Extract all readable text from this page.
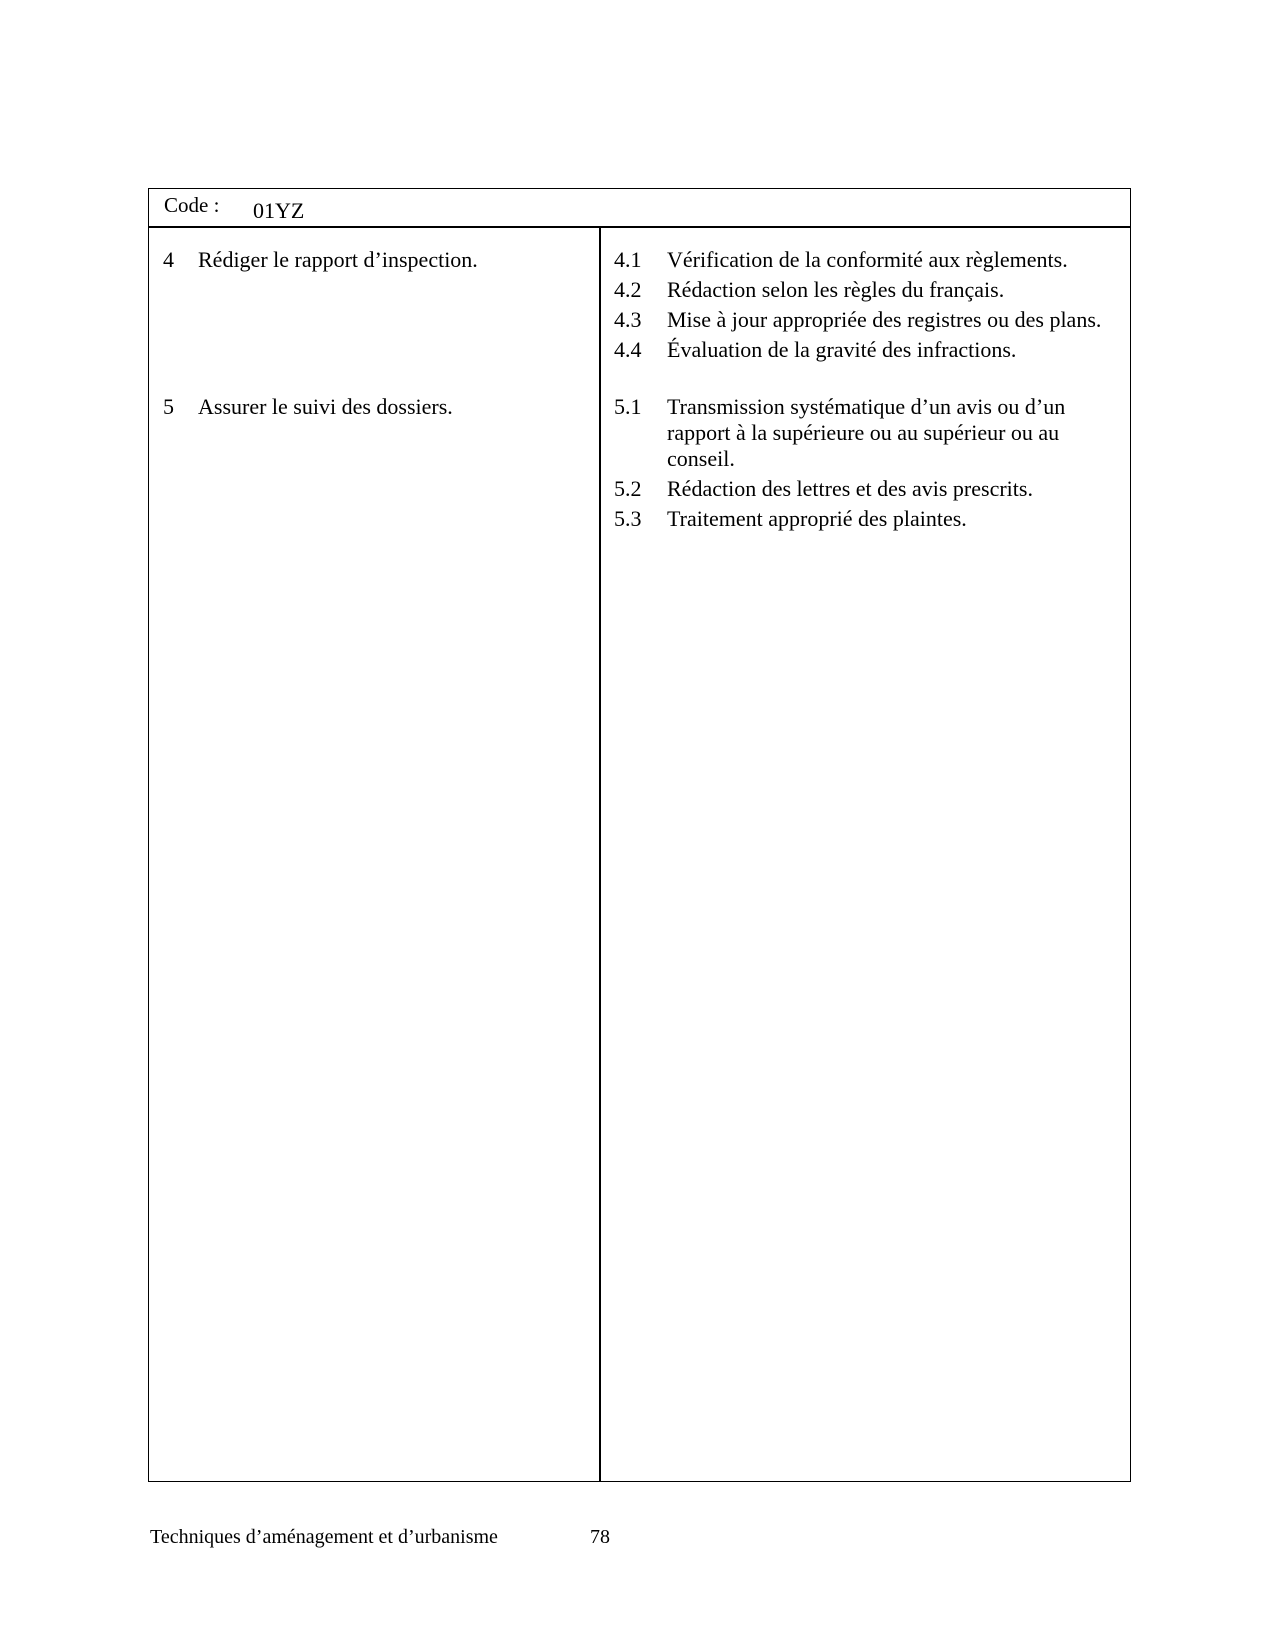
Code : 01YZ
4	Rédiger le rapport d’inspection.	4.1	Vérification de la conformité aux règlements.
4.2	Rédaction selon les règles du français.
4.3	Mise à jour appropriée des registres ou des plans.
4.4	Évaluation de la gravité des infractions.
5	Assurer le suivi des dossiers.	5.1	Transmission systématique d’un avis ou d’un rapport à la supérieure ou au supérieur ou au conseil.
5.2	Rédaction des lettres et des avis prescrits.
5.3	Traitement approprié des plaintes.
Techniques d’aménagement et d’urbanisme	78
